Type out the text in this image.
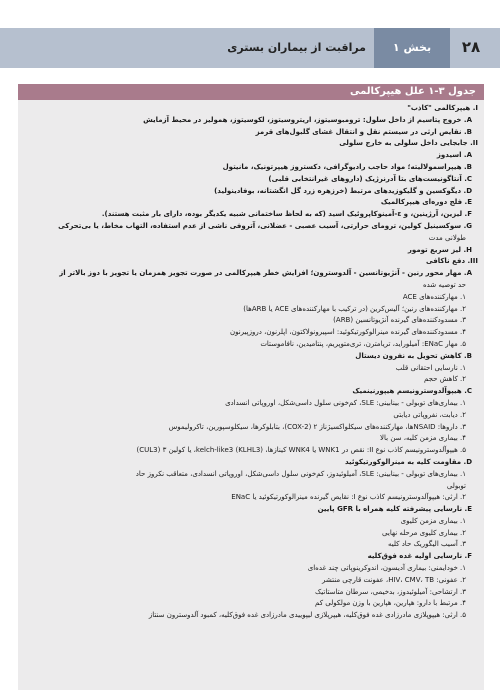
۲۸
بخش ۱
مراقبت از بیماران بستری
جدول ۳-۱ علل هیپرکالمی
I. هیپرکالمی "کاذب"
A. خروج پتاسیم از داخل سلول: ترومبوسیتوز، اریتروسیتوز، لکوسیتوز، همولیز در محیط آزمایش
B. نقایص ارثی در سیستم نقل و انتقال غشای گلبول‌های قرمز
II. جابجایی داخل سلولی به خارج سلولی
A. اسیدوز
B. هیپراسمولالیته؛ مواد حاجب رادیوگرافی، دکستروز هیپرتونیک، مانیتول
C. آنتاگونیست‌های بتا آدرنرژیک (داروهای غیرانتخابی قلبی)
D. دیگوکسین و گلیکوزیدهای مرتبط (خرزهره زرد گل انگشتانه، بوفادینولید)
E. فلج دوره‌ای هیپرکالمیک
F. لیزین، آرژینین، و ε-آمینوکاپروئیک اسید (که به لحاظ ساختمانی شبیه یکدیگر بوده، دارای بار مثبت هستند).
G. سوکسینیل کولین، ترومای حرارتی، آسیب عصبی - عضلانی، آتروفی ناشی از عدم استفاده، التهاب مخاط، یا بی‌تحرکی
طولانی مدت
H. لیز سریع تومور
III. دفع ناکافی
A. مهار محور رنین - آنژیوتانسین - آلدوسترون؛ افزایش خطر هیپرکالمی در صورت تجویز همزمان یا تجویز با دوز بالاتر از
حد توصیه شده
۱. مهارکننده‌های ACE
۲. مهارکننده‌های رنین؛ آلیس‌کرین (در ترکیب با مهارکننده‌های ACE یا ARBها)
۳. مسدودکننده‌های گیرنده آنژیوتانسین (ARB)
۴. مسدودکننده‌های گیرنده مینرالوکورتیکوئید: اسپیرونولاکتون، اپلرنون، دروزپیرنون
۵. مهار ENaC: آمیلوراید، تریامترن، تری‌متوپریم، پنتامیدین، نافاموستات
B. کاهش تحویل به نفرون دیستال
۱. نارسایی احتقانی قلب
۲. کاهش حجم
C. هیپوآلدوسترونیسم هیپورنینمیک
۱. بیماری‌های توبولی - بینابینی: SLE، کم‌خونی سلول داسی‌شکل، اوروپاتی انسدادی
۲. دیابت، نفروپاتی دیابتی
۳. داروها: NSAIDها، مهارکننده‌های سیکلواکسیژناز ۲ (COX-2)، بتابلوکرها، سیکلوسپورین، تاکرولیموس
۴. بیماری مزمن کلیه، سن بالا
۵. هیپوآلدوسترونیسم کاذب نوع II: نقص در WNK1 یا WNK4 کینازها، kelch-like3 (KLHL3)، یا کولین ۳ (CUL3)
D. مقاومت کلیه به مینرالوکورتیکوئید
۱. بیماری‌های توبولی - بینابینی: SLE، آمیلوئیدوز، کم‌خونی سلول داسی‌شکل، اوروپاتی انسدادی، متعاقب نکروز حاد
توبولی
۲. ارثی: هیپوآلدوسترونیسم کاذب نوع I: نقایص گیرنده مینرالوکورتیکوئید یا ENaC
E. نارسایی پیشرفته کلیه همراه با GFR پایین
۱. بیماری مزمن کلیوی
۲. بیماری کلیوی مرحله نهایی
۳. آسیب الیگوریک حاد کلیه
F. نارسایی اولیه غده فوق‌کلیه
۱. خودایمنی: بیماری آدیسون، اندوکرینوپاتی چند غده‌ای
۲. عفونی: HIV، CMV، TB، عفونت قارچی منتشر
۳. ارتشاحی: آمیلوئیدوز، بدخیمی، سرطان متاستاتیک
۴. مرتبط با دارو: هپارین، هپارین با وزن مولکولی کم
۵. ارثی: هیپوپلازی مادرزادی غده فوق‌کلیه، هیپرپلازی لیپوییدی مادرزادی غده فوق‌کلیه، کمبود آلدوسترون سنتاز
